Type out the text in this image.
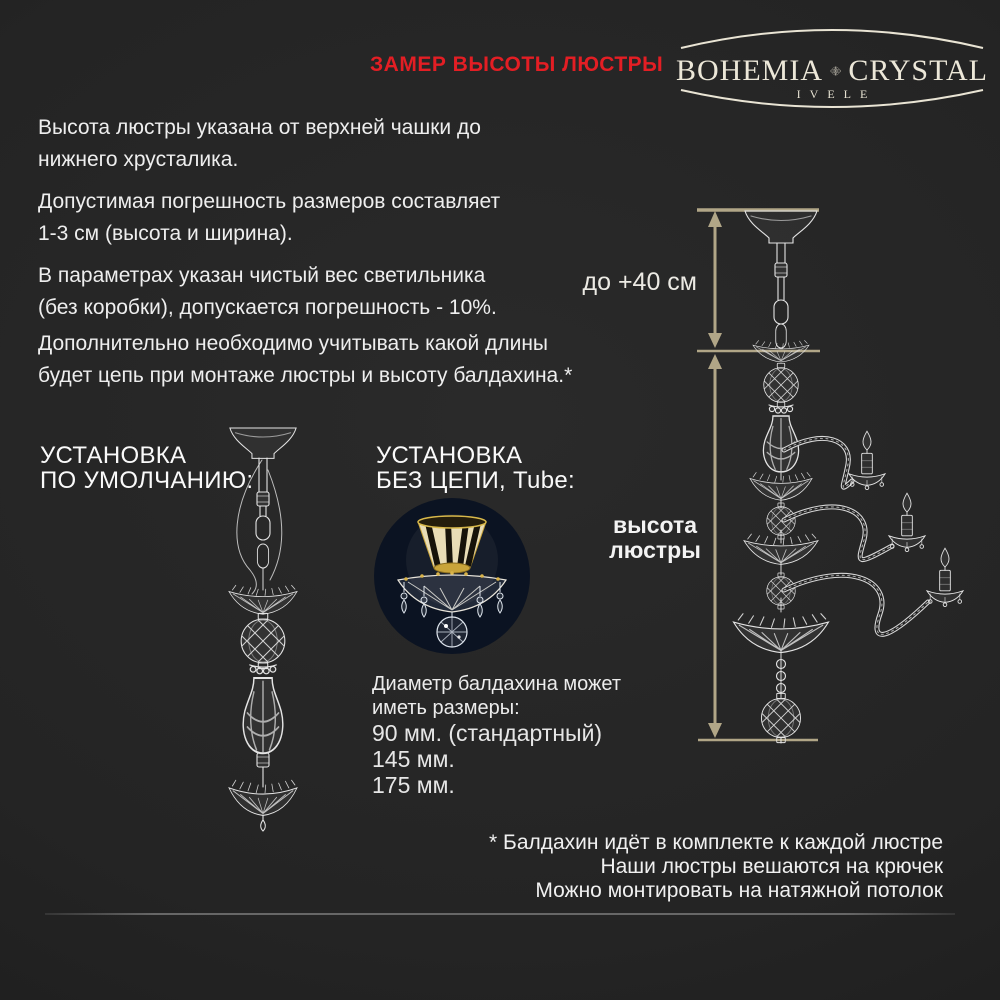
ЗАМЕР ВЫСОТЫ ЛЮСТРЫ BOHEMIA CRYSTAL
IVELE
Высота люстры указана от верхней чашки до
нижнего хрусталика.
Допустимая погрешность размеров составляет
1-3 см (высота и ширина).
В параметрах указан чистый вес светильника
(без коробки), допускается погрешность - 10%.
Дополнительно необходимо учитывать какой длины
будет цепь при монтаже люстры и высоту балдахина.*
до +40 см
высота
люстры
УСТАНОВКА
ПО УМОЛЧАНИЮ:
УСТАНОВКА
БЕЗ ЦЕПИ, Tube:
Диаметр балдахина может
иметь размеры:
90 мм. (стандартный)
145 мм.
175 мм.
* Балдахин идёт в комплекте к каждой люстре
Наши люстры вешаются на крючек
Можно монтировать на натяжной потолок
